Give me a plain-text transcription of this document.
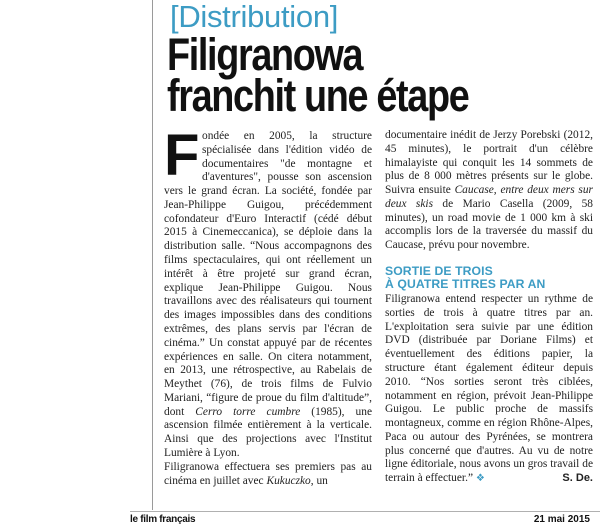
[Distribution]
Filigranowa
franchit une étape

Fondée en 2005, la structure spécialisée dans l'édition vidéo de documentaires "de montagne et d'aventures", pousse son ascension vers le grand écran. La société, fondée par Jean-Philippe Guigou, précédemment cofondateur d'Euro Interactif (cédé début 2015 à Cinemeccanica), se déploie dans la distribution salle. “Nous accompagnons des films spectaculaires, qui ont réellement un intérêt à être projeté sur grand écran, explique Jean-Philippe Guigou. Nous travaillons avec des réalisateurs qui tournent des images impossibles dans des conditions extrêmes, des plans servis par l'écran de cinéma.” Un constat appuyé par de récentes expériences en salle. On citera notamment, en 2013, une rétrospective, au Rabelais de Meythet (76), de trois films de Fulvio Mariani, “figure de proue du film d'altitude”, dont Cerro torre cumbre (1985), une ascension filmée entièrement à la verticale. Ainsi que des projections avec l'Institut Lumière à Lyon.

Filigranowa effectuera ses premiers pas au cinéma en juillet avec Kukuczko, un

documentaire inédit de Jerzy Porebski (2012, 45 minutes), le portrait d'un célèbre himalayiste qui conquit les 14 sommets de plus de 8 000 mètres présents sur le globe. Suivra ensuite Caucase, entre deux mers sur deux skis de Mario Casella (2009, 58 minutes), un road movie de 1 000 km à ski accomplis lors de la traversée du massif du Caucase, prévu pour novembre.

SORTIE DE TROIS
À QUATRE TITRES PAR AN

Filigranowa entend respecter un rythme de sorties de trois à quatre titres par an. L'exploitation sera suivie par une édition DVD (distribuée par Doriane Films) et éventuellement des éditions papier, la structure étant également éditeur depuis 2010. “Nos sorties seront très ciblées, notamment en région, prévoit Jean-Philippe Guigou. Le public proche de massifs montagneux, comme en région Rhône-Alpes, Paca ou autour des Pyrénées, se montrera plus concerné que d'autres. Au vu de notre ligne éditoriale, nous avons un gros travail de terrain à effectuer.” ❖	S. De.

le film français	21 mai 2015
